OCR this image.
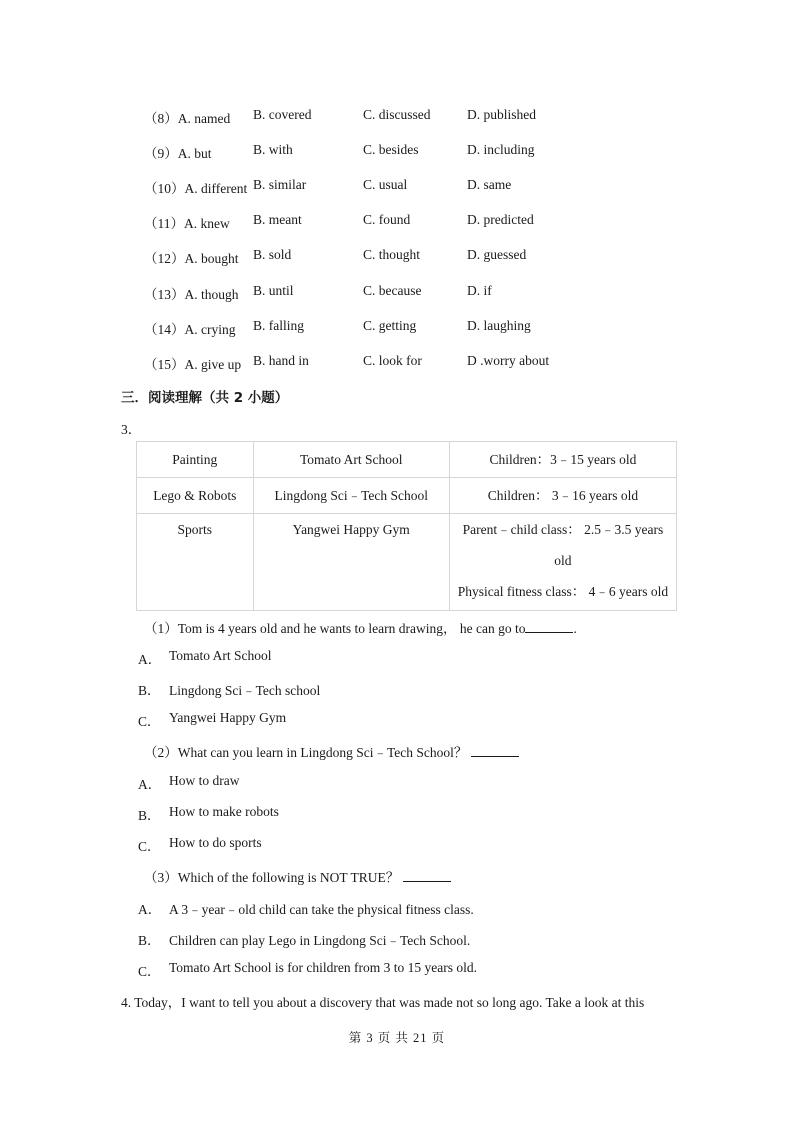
（8）A. named B. covered	C. discussed	D. published
（9）A. but	B. with	C. besides	D. including
（10）A. different B. similar	C. usual	D. same
（11）A. knew B. meant	C. found	D. predicted
（12）A. bought B. sold	C. thought	D. guessed
（13）A. though B. until	C. because	D. if
（14）A. crying B. falling	C. getting	D. laughing
（15）A. give up B. hand in	C. look for	D .worry about
三．阅读理解（共 2 小题）
3．
Painting	Tomato Art School	Children：3﹣15 years old
Lego & Robots	Lingdong Sci﹣Tech School	Children： 3﹣16 years old
Sports	Yangwei Happy Gym	Parent﹣child class： 2.5﹣3.5 years
old
Physical fitness class： 4﹣6 years old
（1）Tom is 4 years old and he wants to learn drawing， he can go to	.
A． Tomato Art School
B． Lingdong Sci﹣Tech school
C． Yangwei Happy Gym
（2）What can you learn in Lingdong Sci﹣Tech School？
A． How to draw
B． How to make robots
C． How to do sports
（3）Which of the following is NOT TRUE？
A． A 3﹣year﹣old child can take the physical fitness class.
B． Children can play Lego in Lingdong Sci﹣Tech School.
C． Tomato Art School is for children from 3 to 15 years old.
4. Today，I want to tell you about a discovery that was made not so long ago. Take a look at this
第 3 页 共 21 页
